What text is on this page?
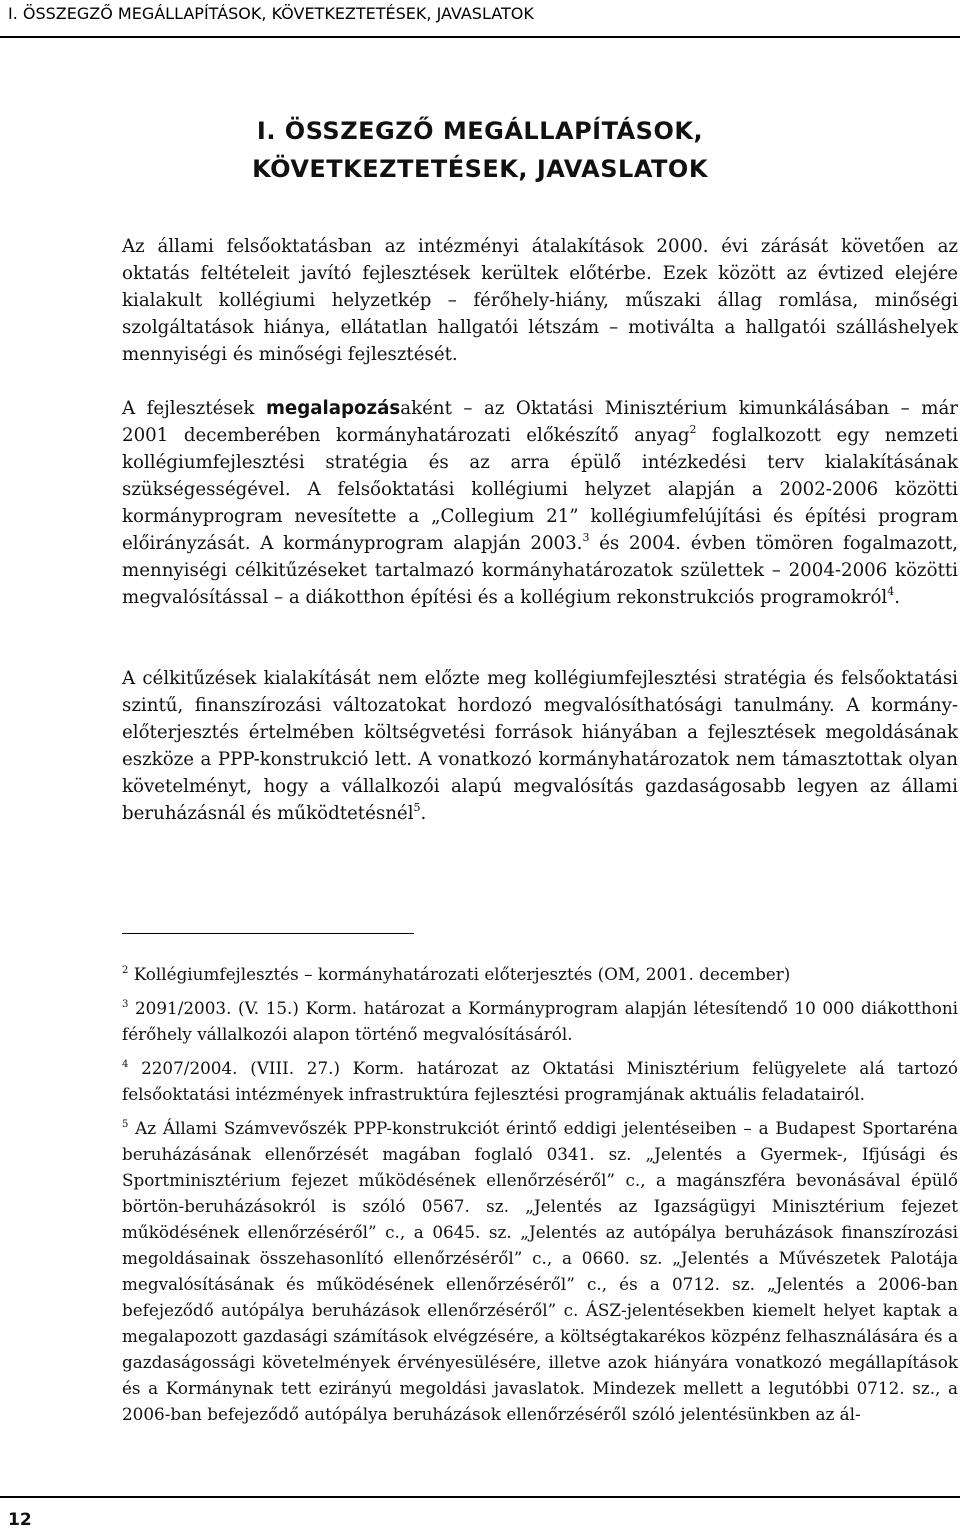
I. ÖSSZEGZŐ MEGÁLLAPÍTÁSOK, KÖVETKEZTETÉSEK, JAVASLATOK
I. ÖSSZEGZŐ MEGÁLLAPÍTÁSOK, KÖVETKEZTETÉSEK, JAVASLATOK

Az állami felsőoktatásban az intézményi átalakítások 2000. évi zárását követően az oktatás feltételeit javító fejlesztések kerültek előtérbe. Ezek között az évtized elejére kialakult kollégiumi helyzetkép – férőhely-hiány, műszaki állag romlása, minőségi szolgáltatások hiánya, ellátatlan hallgatói létszám – motiválta a hallgatói szálláshelyek mennyiségi és minőségi fejlesztését.

A fejlesztések megalapozásaként – az Oktatási Minisztérium kimunkálásában – már 2001 decemberében kormányhatározati előkészítő anyag$^2$ foglalkozott egy nemzeti kollégiumfejlesztési stratégia és az arra épülő intézkedési terv kialakításának szükségességével. A felsőoktatási kollégiumi helyzet alapján a 2002-2006 közötti kormányprogram nevesítette a „Collegium 21” kollégiumfelújítási és építési program előirányzását. A kormányprogram alapján 2003.$^3$ és 2004. évben tömören fogalmazott, mennyiségi célkitűzéseket tartalmazó kormányhatározatok születtek – 2004-2006 közötti megvalósítással – a diákotthon építési és a kollégium rekonstrukciós programokról$^4$.

A célkitűzések kialakítását nem előzte meg kollégiumfejlesztési stratégia és felsőoktatási szintű, finanszírozási változatokat hordozó megvalósíthatósági tanulmány. A kormány-előterjesztés értelmében költségvetési források hiányában a fejlesztések megoldásának eszköze a PPP-konstrukció lett. A vonatkozó kormányhatározatok nem támasztottak olyan követelményt, hogy a vállalkozói alapú megvalósítás gazdaságosabb legyen az állami beruházásnál és működtetésnél$^5$.

$^2$ Kollégiumfejlesztés – kormányhatározati előterjesztés (OM, 2001. december)

$^3$ 2091/2003. (V. 15.) Korm. határozat a Kormányprogram alapján létesítendő 10 000 diákotthoni férőhely vállalkozói alapon történő megvalósításáról.

$^4$ 2207/2004. (VIII. 27.) Korm. határozat az Oktatási Minisztérium felügyelete alá tartozó felsőoktatási intézmények infrastruktúra fejlesztési programjának aktuális feladatairól.

$^5$ Az Állami Számvevőszék PPP-konstrukciót érintő eddigi jelentéseiben – a Budapest Sportaréna beruházásának ellenőrzését magában foglaló 0341. sz. „Jelentés a Gyermek-, Ifjúsági és Sportminisztérium fejezet működésének ellenőrzéséről” c., a magánszféra bevonásával épülő börtön-beruházásokról is szóló 0567. sz. „Jelentés az Igazságügyi Minisztérium fejezet működésének ellenőrzéséről” c., a 0645. sz. „Jelentés az autópálya beruházások finanszírozási megoldásainak összehasonlító ellenőrzéséről” c., a 0660. sz. „Jelentés a Művészetek Palotája megvalósításának és működésének ellenőrzéséről” c., és a 0712. sz. „Jelentés a 2006-ban befejeződő autópálya beruházások ellenőrzéséről” c. ÁSZ-jelentésekben kiemelt helyet kaptak a megalapozott gazdasági számítások elvégzésére, a költségtakarékos közpénz felhasználására és a gazdaságossági követelmények érvényesülésére, illetve azok hiányára vonatkozó megállapítások és a Kormánynak tett ezirányú megoldási javaslatok. Mindezek mellett a legutóbbi 0712. sz., a 2006-ban befejeződő autópálya beruházások ellenőrzéséről szóló jelentésünkben az ál-

12
